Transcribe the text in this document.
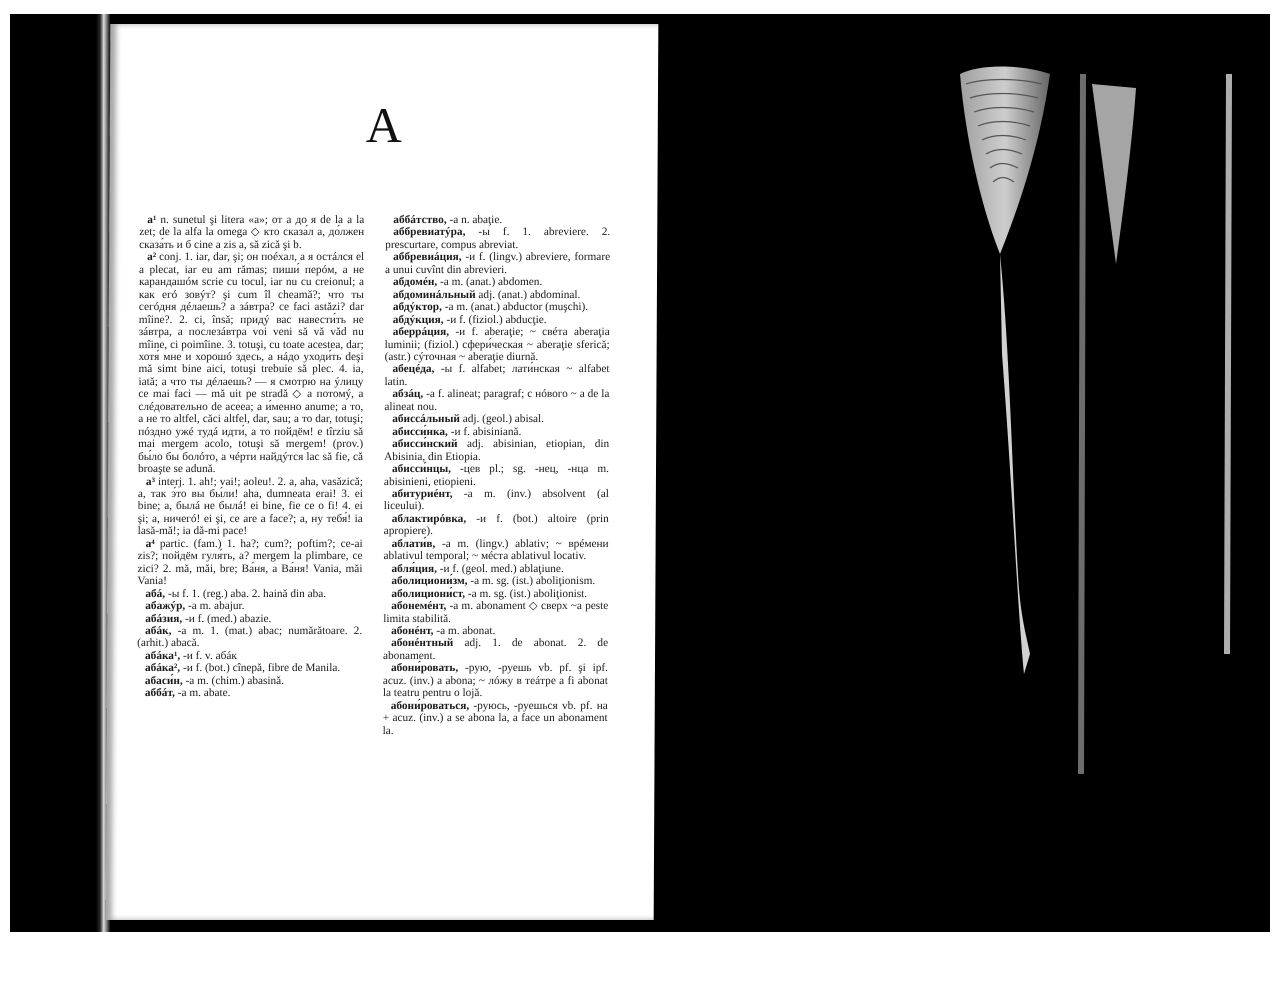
A
а¹ n. sunetul şi litera «a»; от а до я de la a la zet; de la alfa la omega ◇ кто сказа́л а, до́лжен сказа́ть и б cine a zis a, să zică şi b.
а² conj. 1. iar, dar, şi; он поéхал, а я остáлся el a plecat, iar eu am rămas; пиши́ перóм, а не карандашóм scrie cu tocul, iar nu cu creionul; а как егó зовýт? şi cum îl cheamă?; что ты сегóдня дéлаешь? а зáвтра? ce faci astăzi? dar mîine?. 2. ci, însă; придý вас навести́ть не зáвтра, а послезáвтра voi veni să vă văd nu mîine, ci poimîine. 3. totuşi, cu toate acestea, dar; хотя́ мне и хорошó здесь, а нáдо уходи́ть deşi mă simt bine aici, totuşi trebuie să plec. 4. ia, iată; а что ты дéлаешь? — я смотрю на ýлицу ce mai faci — mă uit pe stradă ◇ а потомý, а слéдовательно de aceea; а и́менно anume; а то, а не то altfel, căci altfel, dar, sau; а то dar, totuşi; пóздно ужé тудá идти́, а то пойдём! e tîrziu să mai mergem acolo, totuşi să mergem! (prov.) бы́ло бы болóто, а чéрти найдýтся lac să fie, că broaşte se adună.
а³ interj. 1. ah!; vai!; aoleu!. 2. a, aha, vasăzică; а, так э́то вы бы́ли! aha, dumneata erai! 3. ei bine; а, былá не былá! ei bine, fie ce o fi! 4. ei şi; а, ничегó! ei şi, ce are a face?; а, ну тебя́! ia lasă-mă!; ia dă-mi pace!
а⁴ partic. (fam.) 1. ha?; cum?; poftim?; ce-ai zis?; пойдём гуля́ть, а? mergem la plimbare, ce zici? 2. mă, măi, bre; Ва́ня, а Ва́ня! Vania, măi Vania!
абá, -ы f. 1. (reg.) aba. 2. haină din aba.
абажýр, -а m. abajur.
абáзия, -и f. (med.) abazie.
абáк, -а m. 1. (mat.) abac; numărătoare. 2. (arhit.) abacă.
абáка¹, -и f. v. абáк
абáка², -и f. (bot.) cînepă, fibre de Manila.
абаси́н, -а m. (chim.) abasină.
аббáт, -а m. abate.
аббáтство, -а n. abaţie.
аббревиатýра, -ы f. 1. abreviere. 2. prescurtare, compus abreviat.
аббревиáция, -и f. (lingv.) abreviere, formare a unui cuvînt din abrevieri.
абдомéн, -а m. (anat.) abdomen.
абдоминáльный adj. (anat.) abdominal.
абдýктор, -а m. (anat.) abductor (muşchi).
абдýкция, -и f. (fiziol.) abducţie.
аберрáция, -и f. aberaţie; ~ свéта aberaţia luminii; (fiziol.) сфери́ческая ~ aberaţie sferică; (astr.) сýточная ~ aberaţie diurnă.
абецéда, -ы f. alfabet; лати́нская ~ alfabet latin.
абзáц, -а f. alineat; paragraf; с нóвого ~ а de la alineat nou.
абиссáльный adj. (geol.) abisal.
абисси́нка, -и f. abisiniană.
абисси́нский adj. abisinian, etiopian, din Abisinia, din Etiopia.
абисси́нцы, -цев pl.; sg. -нец, -нца m. abisinieni, etiopieni.
абитуриéнт, -а m. (inv.) absolvent (al liceului).
аблактирóвка, -и f. (bot.) altoire (prin apropiere).
аблати́в, -а m. (lingv.) ablativ; ~ врéмени ablativul temporal; ~ мéста ablativul locativ.
абля́ция, -и f. (geol. med.) ablaţiune.
аболициони́зм, -а m. sg. (ist.) aboliţionism.
аболициони́ст, -а m. sg. (ist.) aboliţionist.
абонемéнт, -а m. abonament ◇ сверх ~а peste limita stabilită.
абонéнт, -а m. abonat.
абонéнтный adj. 1. de abonat. 2. de abonament.
абони́ровать, -рую, -руешь vb. pf. şi ipf. acuz. (inv.) a abona; ~ лóжу в теáтре a fi abonat la teatru pentru o lojă.
абони́роваться, -руюсь, -руешься vb. pf. на + acuz. (inv.) a se abona la, a face un abonament la.
